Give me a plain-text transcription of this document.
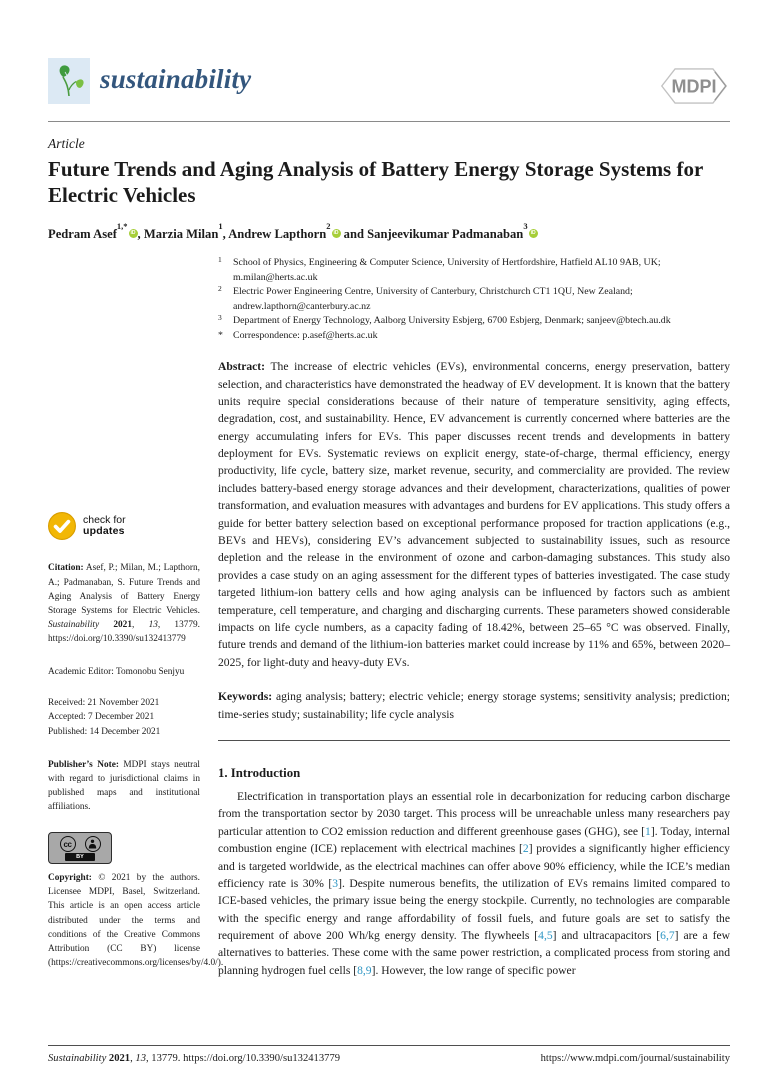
sustainability	MDPI
Article
Future Trends and Aging Analysis of Battery Energy Storage Systems for Electric Vehicles
Pedram Asef$^{1,*}$iD , Marzia Milan$^1$, Andrew Lapthorn$^2$iD and Sanjeevikumar Padmanaban$^3$iD
check for
updates
Citation: Asef, P.; Milan, M.; Lapthorn, A.; Padmanaban, S. Future Trends and Aging Analysis of Battery Energy Storage Systems for Electric Vehicles. Sustainability 2021, 13, 13779. https://doi.org/10.3390/su132413779
Academic Editor: Tomonobu Senjyu
Received: 21 November 2021
Accepted: 7 December 2021
Published: 14 December 2021
Publisher’s Note: MDPI stays neutral with regard to jurisdictional claims in published maps and institutional affiliations.
cc
BY
Copyright: © 2021 by the authors. Licensee MDPI, Basel, Switzerland. This article is an open access article distributed under the terms and conditions of the Creative Commons Attribution (CC BY) license (https://creativecommons.org/licenses/by/4.0/).
1	School of Physics, Engineering & Computer Science, University of Hertfordshire, Hatfield AL10 9AB, UK; m.milan@herts.ac.uk
2	Electric Power Engineering Centre, University of Canterbury, Christchurch CT1 1QU, New Zealand; andrew.lapthorn@canterbury.ac.nz
3	Department of Energy Technology, Aalborg University Esbjerg, 6700 Esbjerg, Denmark; sanjeev@btech.au.dk
*	Correspondence: p.asef@herts.ac.uk
Abstract: The increase of electric vehicles (EVs), environmental concerns, energy preservation, battery selection, and characteristics have demonstrated the headway of EV development. It is known that the battery units require special considerations because of their nature of temperature sensitivity, aging effects, degradation, cost, and sustainability. Hence, EV advancement is currently concerned where batteries are the energy accumulating infers for EVs. This paper discusses recent trends and developments in battery deployment for EVs. Systematic reviews on explicit energy, state-of-charge, thermal efficiency, energy productivity, life cycle, battery size, market revenue, security, and commerciality are provided. The review includes battery-based energy storage advances and their development, characterizations, qualities of power transformation, and evaluation measures with advantages and burdens for EV applications. This study offers a guide for better battery selection based on exceptional performance proposed for traction applications (e.g., BEVs and HEVs), considering EV’s advancement subjected to sustainability issues, such as resource depletion and the release in the environment of ozone and carbon-damaging substances. This study also provides a case study on an aging assessment for the different types of batteries investigated. The case study targeted lithium-ion battery cells and how aging analysis can be influenced by factors such as ambient temperature, cell temperature, and charging and discharging currents. These parameters showed considerable impacts on life cycle numbers, as a capacity fading of 18.42%, between 25–65 °C was observed. Finally, future trends and demand of the lithium-ion batteries market could increase by 11% and 65%, between 2020–2025, for light-duty and heavy-duty EVs.
Keywords: aging analysis; battery; electric vehicle; energy storage systems; sensitivity analysis; prediction; time-series study; sustainability; life cycle analysis
1. Introduction
Electrification in transportation plays an essential role in decarbonization for reducing carbon discharge from the transportation sector by 2030 target. This process will be unreachable unless many researchers pay particular attention to CO2 emission reduction and different greenhouse gases (GHG), see [1]. Today, internal combustion engine (ICE) replacement with electrical machines [2] provides a significantly higher efficiency and is targeted worldwide, as the electrical machines can offer above 90% efficiency, while the ICE’s median efficiency rate is 30% [3]. Despite numerous benefits, the utilization of EVs remains limited compared to ICE-based vehicles, the primary issue being the energy stockpile. Currently, no technologies are comparable with the specific energy and range affordability of fossil fuels, and future goals are set to satisfy the requirement of above 200 Wh/kg energy density. The flywheels [4,5] and ultracapacitors [6,7] are a few alternatives to batteries. These come with the same power restriction, a complicated process from storing and planning hydrogen fuel cells [8,9]. However, the low range of specific power
Sustainability 2021, 13, 13779. https://doi.org/10.3390/su132413779	https://www.mdpi.com/journal/sustainability
